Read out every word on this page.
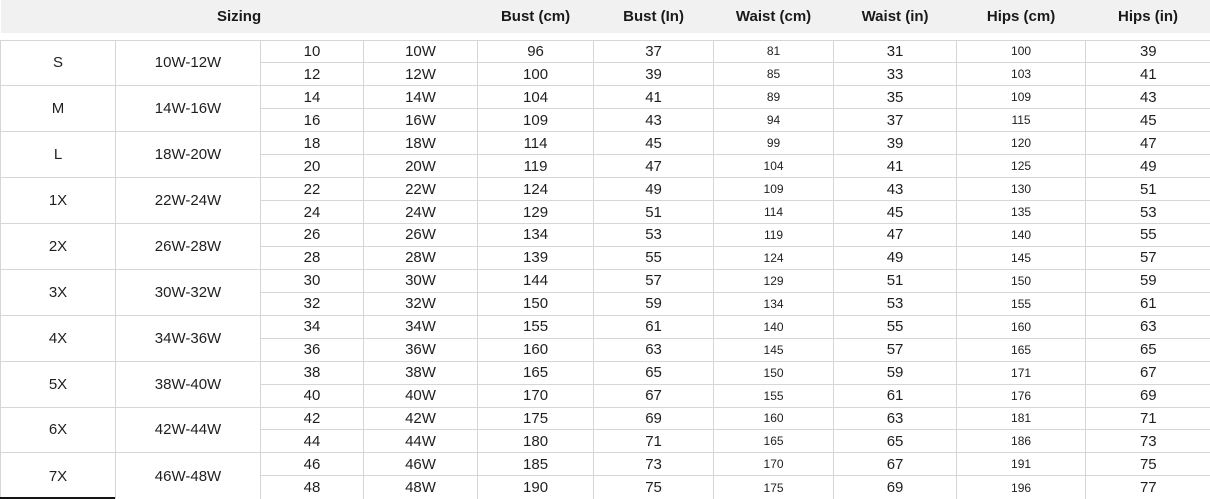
Sizing				Bust (cm)	Bust (In)	Waist (cm)	Waist (in)	Hips (cm)	Hips (in)

S	10W-12W	10	10W	96	37	81	31	100	39
		12	12W	100	39	85	33	103	41
M	14W-16W	14	14W	104	41	89	35	109	43
		16	16W	109	43	94	37	115	45
L	18W-20W	18	18W	114	45	99	39	120	47
		20	20W	119	47	104	41	125	49
1X	22W-24W	22	22W	124	49	109	43	130	51
		24	24W	129	51	114	45	135	53
2X	26W-28W	26	26W	134	53	119	47	140	55
		28	28W	139	55	124	49	145	57
3X	30W-32W	30	30W	144	57	129	51	150	59
		32	32W	150	59	134	53	155	61
4X	34W-36W	34	34W	155	61	140	55	160	63
		36	36W	160	63	145	57	165	65
5X	38W-40W	38	38W	165	65	150	59	171	67
		40	40W	170	67	155	61	176	69
6X	42W-44W	42	42W	175	69	160	63	181	71
		44	44W	180	71	165	65	186	73
7X	46W-48W	46	46W	185	73	170	67	191	75
		48	48W	190	75	175	69	196	77
